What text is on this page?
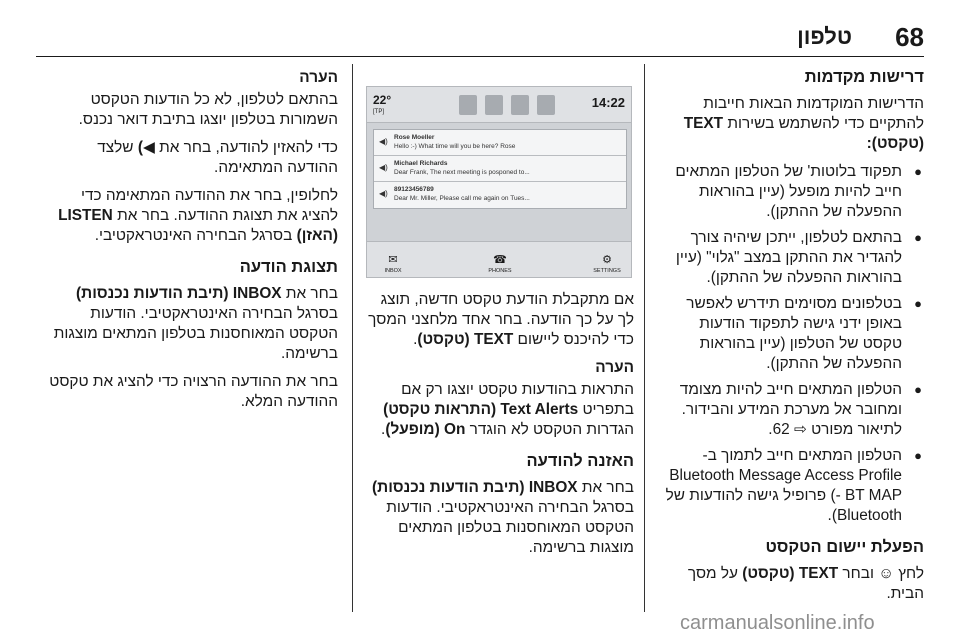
68
טלפון
דרישות מקדמות

הדרישות המוקדמות הבאות חייבות להתקיים כדי להשתמש בשירות TEXT (טקסט):

● תפקוד בלוטות' של הטלפון המתאים חייב להיות מופעל (עיין בהוראות ההפעלה של ההתקן).
● בהתאם לטלפון, ייתכן שיהיה צורך להגדיר את ההתקן במצב "גלוי" (עיין בהוראות ההפעלה של ההתקן).
● בטלפונים מסוימים תידרש לאפשר באופן ידני גישה לתפקוד הודעות טקסט של הטלפון (עיין בהוראות ההפעלה של ההתקן).
● הטלפון המתאים חייב להיות מצומד ומחובר אל מערכת המידע והבידור. לתיאור מפורט ⇨ 62.
● הטלפון המתאים חייב לתמוך ב-Bluetooth Message Access Profile - BT MAP) פרופיל גישה להודעות של Bluetooth).
הפעלת יישום הטקסט

לחץ ☺ ובחר TEXT (טקסט) על מסך הבית.

22°
[TP]
14:22
◀) Rose Moeller
Hello :-) What time will you be here? Rose
◀) Michael Richards
Dear Frank, The next meeting is posponed to...
◀) 89123456789
Dear Mr. Miller, Please call me again on Tues...
✉
INBOX
☎
PHONES
⚙
SETTINGS

אם מתקבלת הודעת טקסט חדשה, תוצג לך על כך הודעה. בחר אחד מלחצני המסך כדי להיכנס ליישום TEXT (טקסט).

הערה

התראות בהודעות טקסט יוצגו רק אם בתפריט Text Alerts (התראות טקסט) הגדרות הטקסט לא הוגדר On (מופעל).

האזנה להודעה

בחר את INBOX (תיבת הודעות נכנסות) בסרגל הבחירה האינטראקטיבי. הודעות הטקסט המאוחסנות בטלפון המתאים מוצגות ברשימה.

הערה

בהתאם לטלפון, לא כל הודעות הטקסט השמורות בטלפון יוצגו בתיבת דואר נכנס.

כדי להאזין להודעה, בחר את ◀) שלצד ההודעה המתאימה.

לחלופין, בחר את ההודעה המתאימה כדי להציג את תצוגת ההודעה. בחר את LISTEN (האזן) בסרגל הבחירה האינטראקטיבי.

תצוגת הודעה

בחר את INBOX (תיבת הודעות נכנסות) בסרגל הבחירה האינטראקטיבי. הודעות הטקסט המאוחסנות בטלפון המתאים מוצגות ברשימה.

בחר את ההודעה הרצויה כדי להציג את טקסט ההודעה המלא.

carmanualsonline.info
